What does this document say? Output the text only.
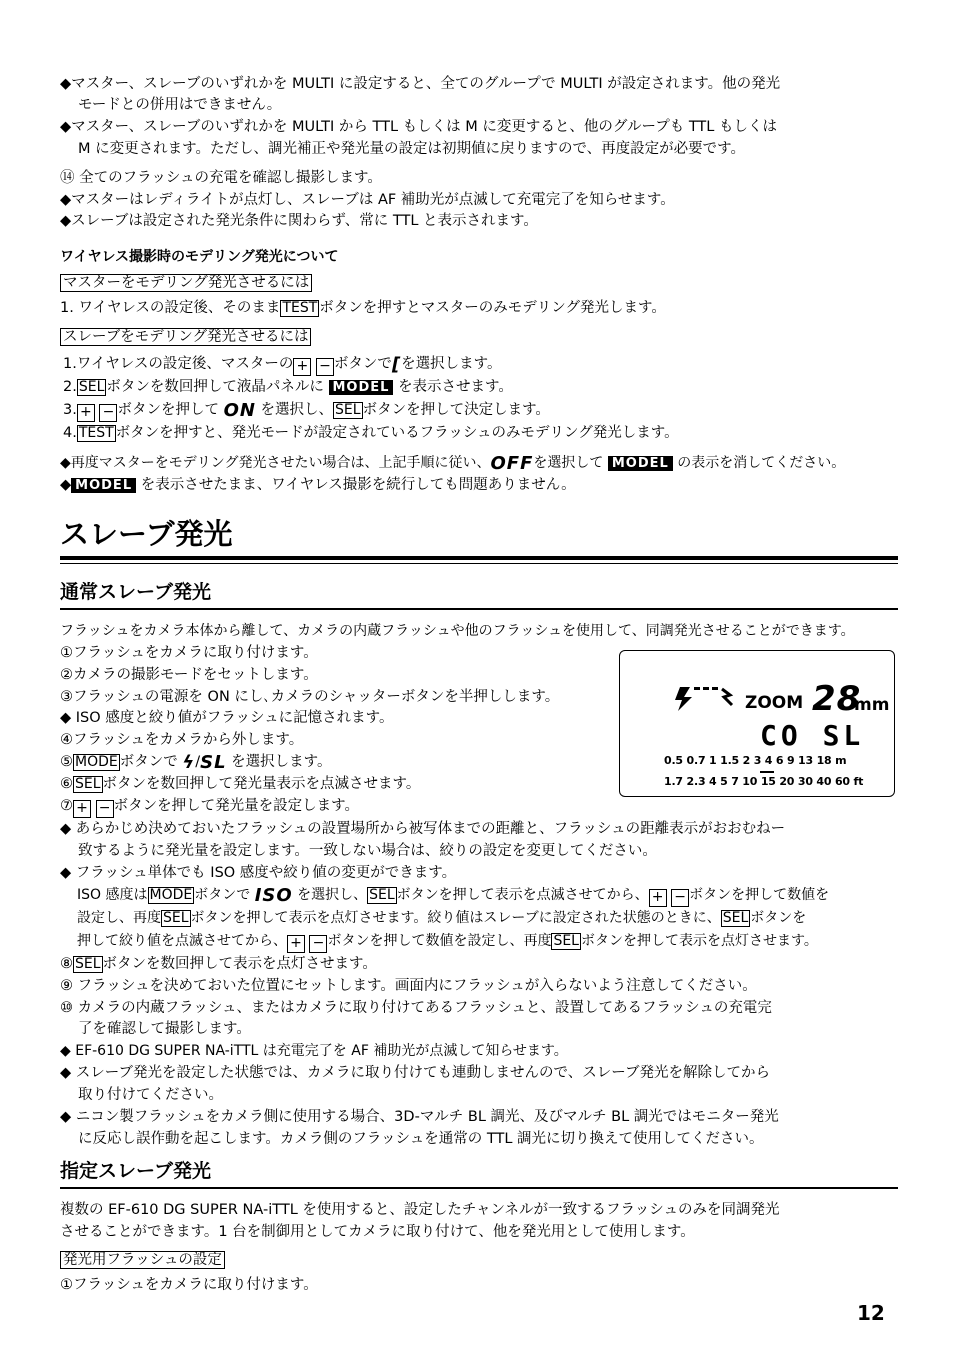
◆マスター、スレーブのいずれかを MULTI に設定すると、全てのグループで MULTI が設定されます。他の発光
モードとの併用はできません。
◆マスター、スレーブのいずれかを MULTI から TTL もしくは M に変更すると、他のグループも TTL もしくは
M に変更されます。ただし、調光補正や発光量の設定は初期値に戻りますので、再度設定が必要です。
⑭ 全てのフラッシュの充電を確認し撮影します。
◆マスターはレディライトが点灯し、スレーブは AF 補助光が点滅して充電完了を知らせます。
◆スレーブは設定された発光条件に関わらず、常に TTL と表示されます。
ワイヤレス撮影時のモデリング発光について
マスターをモデリング発光させるには
1. ワイヤレスの設定後、そのまま TEST ボタンを押すとマスターのみモデリング発光します。
スレーブをモデリング発光させるには
1.ワイヤレスの設定後、マスターの + − ボタンで[を選択します。
2. SEL ボタンを数回押して液晶パネルに MODEL を表示させます。
3. + − ボタンを押して ON を選択し、 SEL ボタンを押して決定します。
4. TEST ボタンを押すと、発光モードが設定されているフラッシュのみモデリング発光します。
◆再度マスターをモデリング発光させたい場合は、上記手順に従い、OFFを選択して MODEL の表示を消してください。
◆ MODEL を表示させたまま、ワイヤレス撮影を続行しても問題ありません。
スレーブ発光
通常スレーブ発光
フラッシュをカメラ本体から離して、カメラの内蔵フラッシュや他のフラッシュを使用して、同調発光させることができます。
①フラッシュをカメラに取り付けます。
②カメラの撮影モードをセットします。
③フラッシュの電源を ON にし､カメラのシャッターボタンを半押しします。
◆ ISO 感度と絞り値がフラッシュに記憶されます。
④フラッシュをカメラから外します。
⑤ MODE ボタンで ϟ/SL を選択します。
⑥ SEL ボタンを数回押して発光量表示を点滅させます。
⑦ + − ボタンを押して発光量を設定します。
ZOOM 28
mm
CO SL
0.5 0.7 1 1.5 2 3 4 6 9 13 18 m
1.7 2.3 4 5 7 10 15 20 30 40 60 ft
◆ あらかじめ決めておいたフラッシュの設置場所から被写体までの距離と、フラッシュの距離表示がおおむねー
致するように発光量を設定します。一致しない場合は、絞りの設定を変更してください。
◆ フラッシュ単体でも ISO 感度や絞り値の変更ができます。
ISO 感度は MODE ボタンで ISO を選択し、 SEL ボタンを押して表示を点滅させてから、 + − ボタンを押して数値を
設定し、再度 SEL ボタンを押して表示を点灯させます。絞り値はスレーブに設定された状態のときに、 SEL ボタンを
押して絞り値を点滅させてから、 + − ボタンを押して数値を設定し、再度 SEL ボタンを押して表示を点灯させます。
⑧ SEL ボタンを数回押して表示を点灯させます。
⑨ フラッシュを決めておいた位置にセットします。画面内にフラッシュが入らないよう注意してください。
⑩ カメラの内蔵フラッシュ、またはカメラに取り付けてあるフラッシュと、設置してあるフラッシュの充電完
了を確認して撮影します。
◆ EF-610 DG SUPER NA-iTTL は充電完了を AF 補助光が点滅して知らせます。
◆ スレーブ発光を設定した状態では、カメラに取り付けても連動しませんので、スレーブ発光を解除してから
取り付けてください。
◆ ニコン製フラッシュをカメラ側に使用する場合、3D-マルチ BL 調光、及びマルチ BL 調光ではモニター発光
に反応し誤作動を起こします。カメラ側のフラッシュを通常の TTL 調光に切り換えて使用してください。
指定スレーブ発光
複数の EF-610 DG SUPER NA-iTTL を使用すると、設定したチャンネルが一致するフラッシュのみを同調発光
させることができます。1 台を制御用としてカメラに取り付けて、他を発光用として使用します。
発光用フラッシュの設定
①フラッシュをカメラに取り付けます。
12
